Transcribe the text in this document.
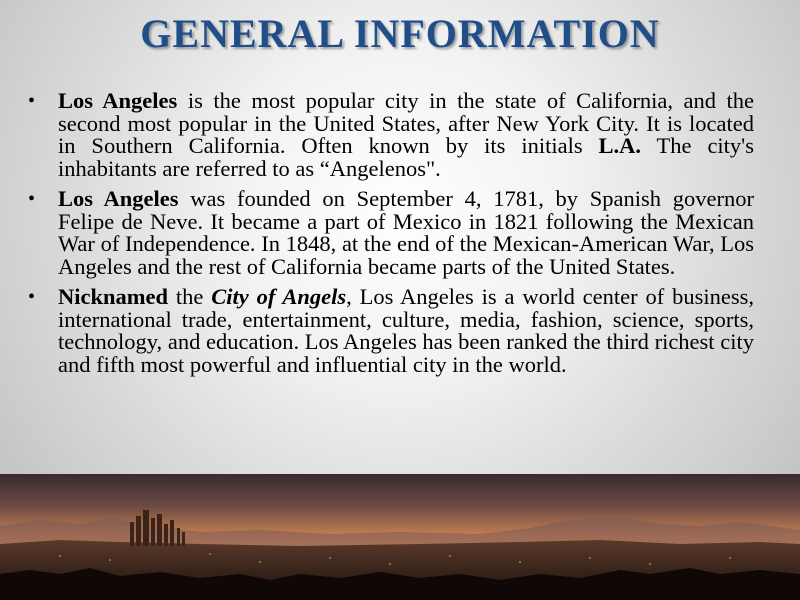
GENERAL INFORMATION
•	Los Angeles is the most popular city in the state of California, and the second most popular in the United States, after New York City. It is located in Southern California. Often known by its initials L.A. The city's inhabitants are referred to as “Angelenos".
•	Los Angeles was founded on September 4, 1781, by Spanish governor Felipe de Neve. It became a part of Mexico in 1821 following the Mexican War of Independence. In 1848, at the end of the Mexican-American War, Los Angeles and the rest of California became parts of the United States.
•	Nicknamed the City of Angels, Los Angeles is a world center of business, international trade, entertainment, culture, media, fashion, science, sports, technology, and education. Los Angeles has been ranked the third richest city and fifth most powerful and influential city in the world.
